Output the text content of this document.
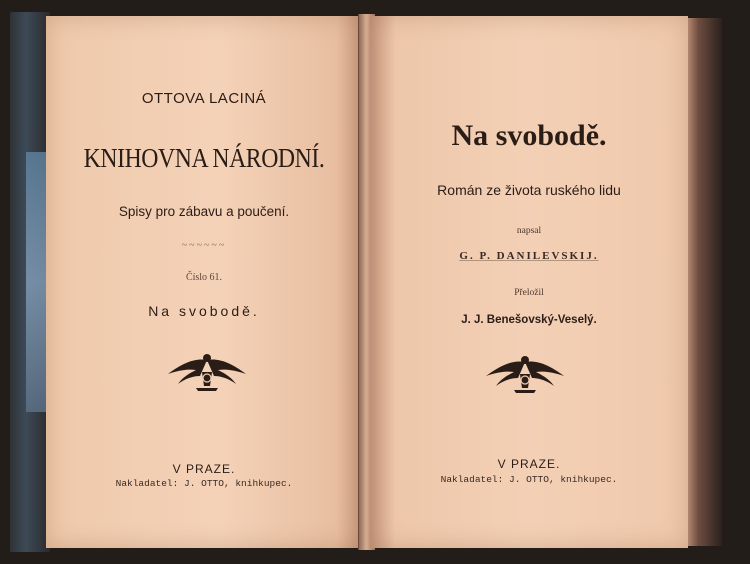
OTTOVA LACINÁ
KNIHOVNA NÁRODNÍ.
Spisy pro zábavu a poučení.
~~~~~~
Číslo 61.
Na svobodě.
V PRAZE.
Nakladatel: J. OTTO, knihkupec.
Na svobodě.
Román ze života ruského lidu
napsal
G. P. DANILEVSKIJ.
Přeložil
J. J. Benešovský-Veselý.
V PRAZE.
Nakladatel: J. OTTO, knihkupec.
